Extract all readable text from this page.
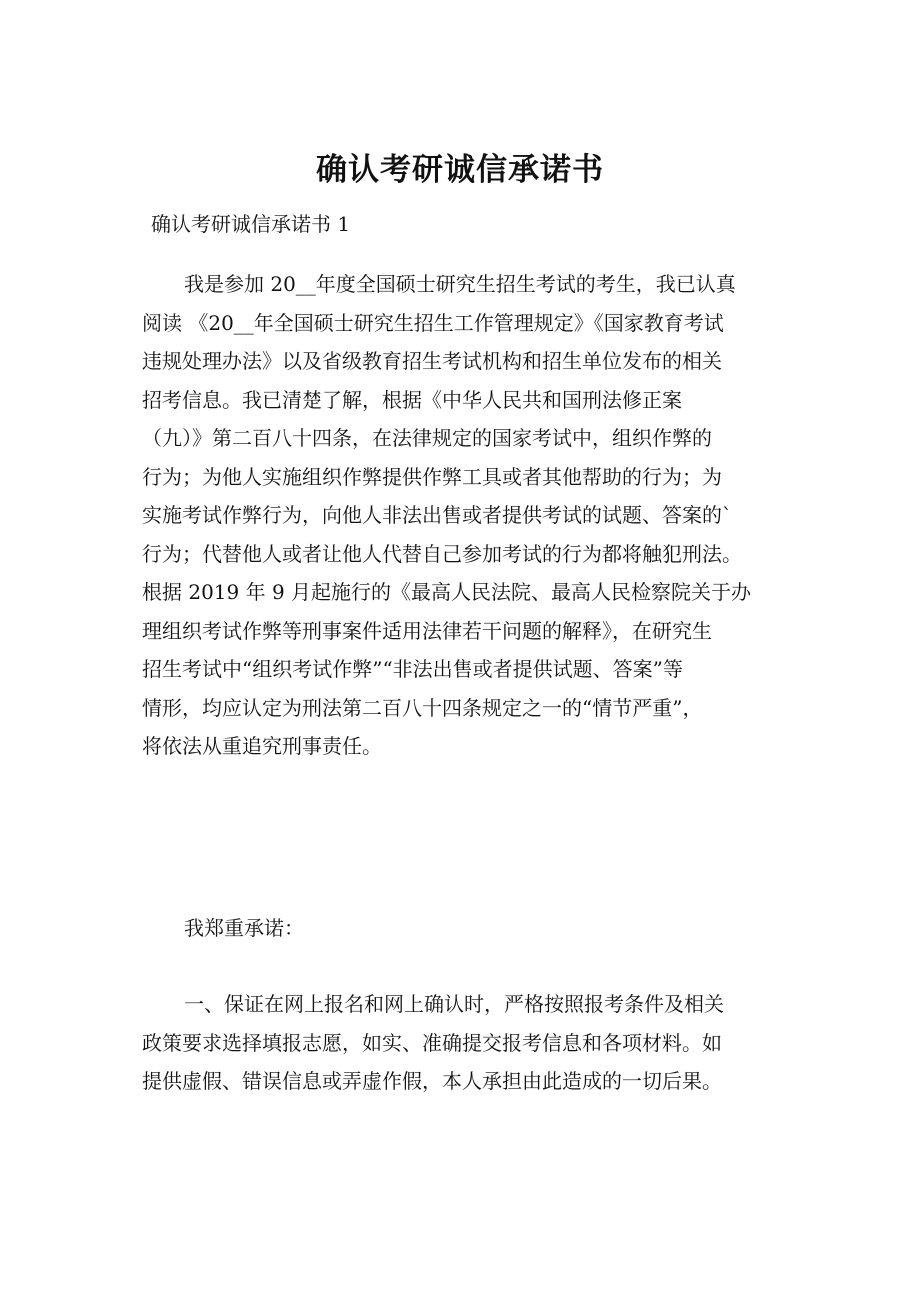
确认考研诚信承诺书
确认考研诚信承诺书 1
我是参加 20__年度全国硕士研究生招生考试的考生，我已认真
阅读 《20__年全国硕士研究生招生工作管理规定》《国家教育考试
违规处理办法》以及省级教育招生考试机构和招生单位发布的相关
招考信息。我已清楚了解，根据《中华人民共和国刑法修正案
（九）》第二百八十四条，在法律规定的国家考试中，组织作弊的
行为；为他人实施组织作弊提供作弊工具或者其他帮助的行为；为
实施考试作弊行为，向他人非法出售或者提供考试的试题、答案的`
行为；代替他人或者让他人代替自己参加考试的行为都将触犯刑法。
根据 2019 年 9 月起施行的《最高人民法院、最高人民检察院关于办
理组织考试作弊等刑事案件适用法律若干问题的解释》，在研究生
招生考试中“组织考试作弊”“非法出售或者提供试题、答案”等
情形，均应认定为刑法第二百八十四条规定之一的“情节严重”，
将依法从重追究刑事责任。
我郑重承诺：
一、保证在网上报名和网上确认时，严格按照报考条件及相关
政策要求选择填报志愿，如实、准确提交报考信息和各项材料。如
提供虚假、错误信息或弄虚作假，本人承担由此造成的一切后果。
